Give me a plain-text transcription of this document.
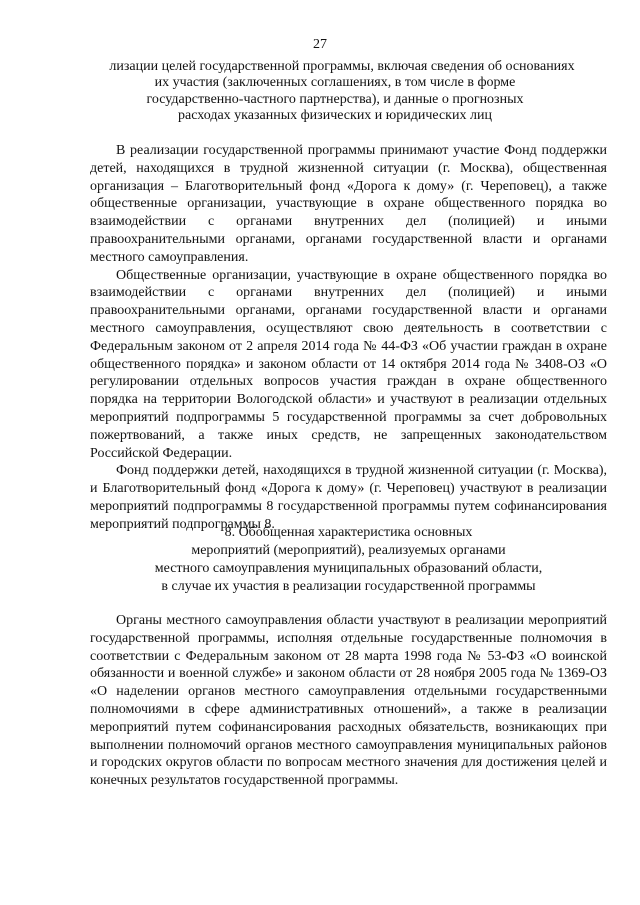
27
лизации целей государственной программы, включая сведения об основаниях
их участия (заключенных соглашениях, в том числе в форме
государственно-частного партнерства), и данные о прогнозных
расходах указанных физических и юридических лиц

В реализации государственной программы принимают участие Фонд поддержки детей, находящихся в трудной жизненной ситуации (г. Москва), общественная организация – Благотворительный фонд «Дорога к дому» (г. Череповец), а также общественные организации, участвующие в охране общественного порядка во взаимодействии с органами внутренних дел (полицией) и иными правоохранительными органами, органами государственной власти и органами местного самоуправления.

Общественные организации, участвующие в охране общественного порядка во взаимодействии с органами внутренних дел (полицией) и иными правоохранительными органами, органами государственной власти и органами местного самоуправления, осуществляют свою деятельность в соответствии с Федеральным законом от 2 апреля 2014 года № 44-ФЗ «Об участии граждан в охране общественного порядка» и законом области от 14 октября 2014 года № 3408-ОЗ «О регулировании отдельных вопросов участия граждан в охране общественного порядка на территории Вологодской области» и участвуют в реализации отдельных мероприятий подпрограммы 5 государственной программы за счет добровольных пожертвований, а также иных средств, не запрещенных законодательством Российской Федерации.

Фонд поддержки детей, находящихся в трудной жизненной ситуации (г. Москва), и Благотворительный фонд «Дорога к дому» (г. Череповец) участвуют в реализации мероприятий подпрограммы 8 государственной программы путем софинансирования мероприятий подпрограммы 8.

8. Обобщенная характеристика основных
мероприятий (мероприятий), реализуемых органами
местного самоуправления муниципальных образований области,
в случае их участия в реализации государственной программы

Органы местного самоуправления области участвуют в реализации мероприятий государственной программы, исполняя отдельные государственные полномочия в соответствии с Федеральным законом от 28 марта 1998 года № 53-ФЗ «О воинской обязанности и военной службе» и законом области от 28 ноября 2005 года № 1369-ОЗ «О наделении органов местного самоуправления отдельными государственными полномочиями в сфере административных отношений», а также в реализации мероприятий путем софинансирования расходных обязательств, возникающих при выполнении полномочий органов местного самоуправления муниципальных районов и городских округов области по вопросам местного значения для достижения целей и конечных результатов государственной программы.
